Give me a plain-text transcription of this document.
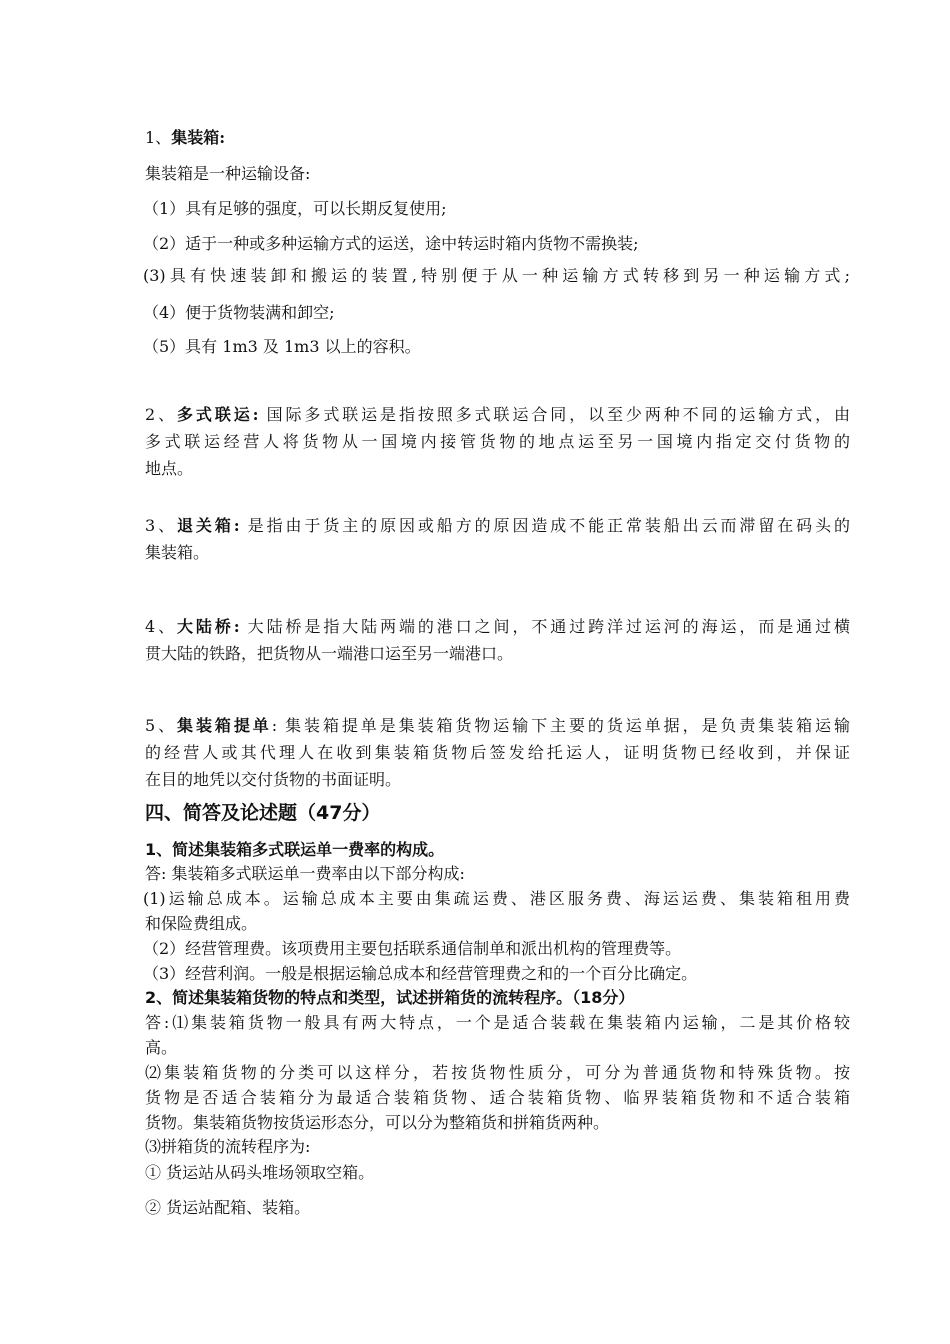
1、集装箱:
集装箱是一种运输设备:
（1）具有足够的强度，可以长期反复使用;
（2）适于一种或多种运输方式的运送，途中转运时箱内货物不需换装;
(3)具有快速装卸和搬运的装置,特别便于从一种运输方式转移到另一种运输方式;
（4）便于货物装满和卸空;
（5）具有 1m3 及 1m3 以上的容积。
2、多式联运: 国际多式联运是指按照多式联运合同，以至少两种不同的运输方式，由
多式联运经营人将货物从一国境内接管货物的地点运至另一国境内指定交付货物的
地点。
3、退关箱: 是指由于货主的原因或船方的原因造成不能正常装船出云而滞留在码头的
集装箱。
4、大陆桥: 大陆桥是指大陆两端的港口之间，不通过跨洋过运河的海运，而是通过横
贯大陆的铁路，把货物从一端港口运至另一端港口。
5、集装箱提单: 集装箱提单是集装箱货物运输下主要的货运单据，是负责集装箱运输
的经营人或其代理人在收到集装箱货物后签发给托运人，证明货物已经收到，并保证
在目的地凭以交付货物的书面证明。
四、简答及论述题（47分）
1、简述集装箱多式联运单一费率的构成。
答: 集装箱多式联运单一费率由以下部分构成:
(1)运输总成本。运输总成本主要由集疏运费、港区服务费、海运运费、集装箱租用费
和保险费组成。
（2）经营管理费。该项费用主要包括联系通信制单和派出机构的管理费等。
（3）经营利润。一般是根据运输总成本和经营管理费之和的一个百分比确定。
2、简述集装箱货物的特点和类型，试述拼箱货的流转程序。（18分）
答:⑴集装箱货物一般具有两大特点，一个是适合装载在集装箱内运输，二是其价格较
高。
⑵集装箱货物的分类可以这样分，若按货物性质分，可分为普通货物和特殊货物。按
货物是否适合装箱分为最适合装箱货物、适合装箱货物、临界装箱货物和不适合装箱
货物。集装箱货物按货运形态分，可以分为整箱货和拼箱货两种。
⑶拼箱货的流转程序为:
① 货运站从码头堆场领取空箱。
② 货运站配箱、装箱。
